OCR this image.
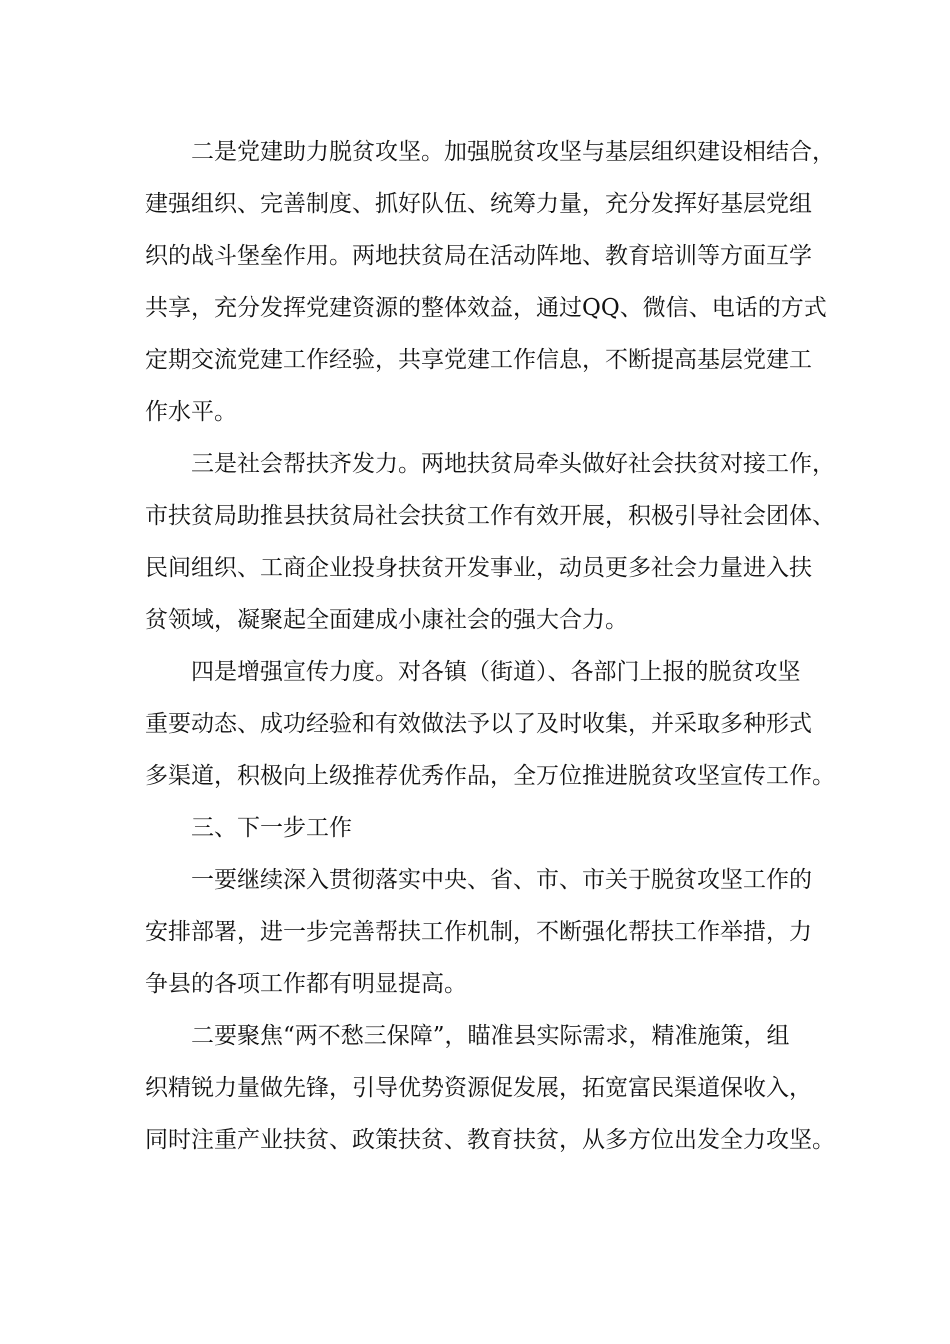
二是党建助力脱贫攻坚。加强脱贫攻坚与基层组织建设相结合，
建强组织、完善制度、抓好队伍、统筹力量，充分发挥好基层党组
织的战斗堡垒作用。两地扶贫局在活动阵地、教育培训等方面互学
共享，充分发挥党建资源的整体效益，通过QQ、微信、电话的方式
定期交流党建工作经验，共享党建工作信息，不断提高基层党建工
作水平。
三是社会帮扶齐发力。两地扶贫局牵头做好社会扶贫对接工作，
市扶贫局助推县扶贫局社会扶贫工作有效开展，积极引导社会团体、
民间组织、工商企业投身扶贫开发事业，动员更多社会力量进入扶
贫领域，凝聚起全面建成小康社会的强大合力。
四是增强宣传力度。对各镇（街道）、各部门上报的脱贫攻坚
重要动态、成功经验和有效做法予以了及时收集，并采取多种形式
多渠道，积极向上级推荐优秀作品，全万位推进脱贫攻坚宣传工作。
三、下一步工作
一要继续深入贯彻落实中央、省、市、市关于脱贫攻坚工作的
安排部署，进一步完善帮扶工作机制，不断强化帮扶工作举措，力
争县的各项工作都有明显提高。
二要聚焦“两不愁三保障”，瞄准县实际需求，精准施策，组
织精锐力量做先锋，引导优势资源促发展，拓宽富民渠道保收入，
同时注重产业扶贫、政策扶贫、教育扶贫，从多方位出发全力攻坚。
